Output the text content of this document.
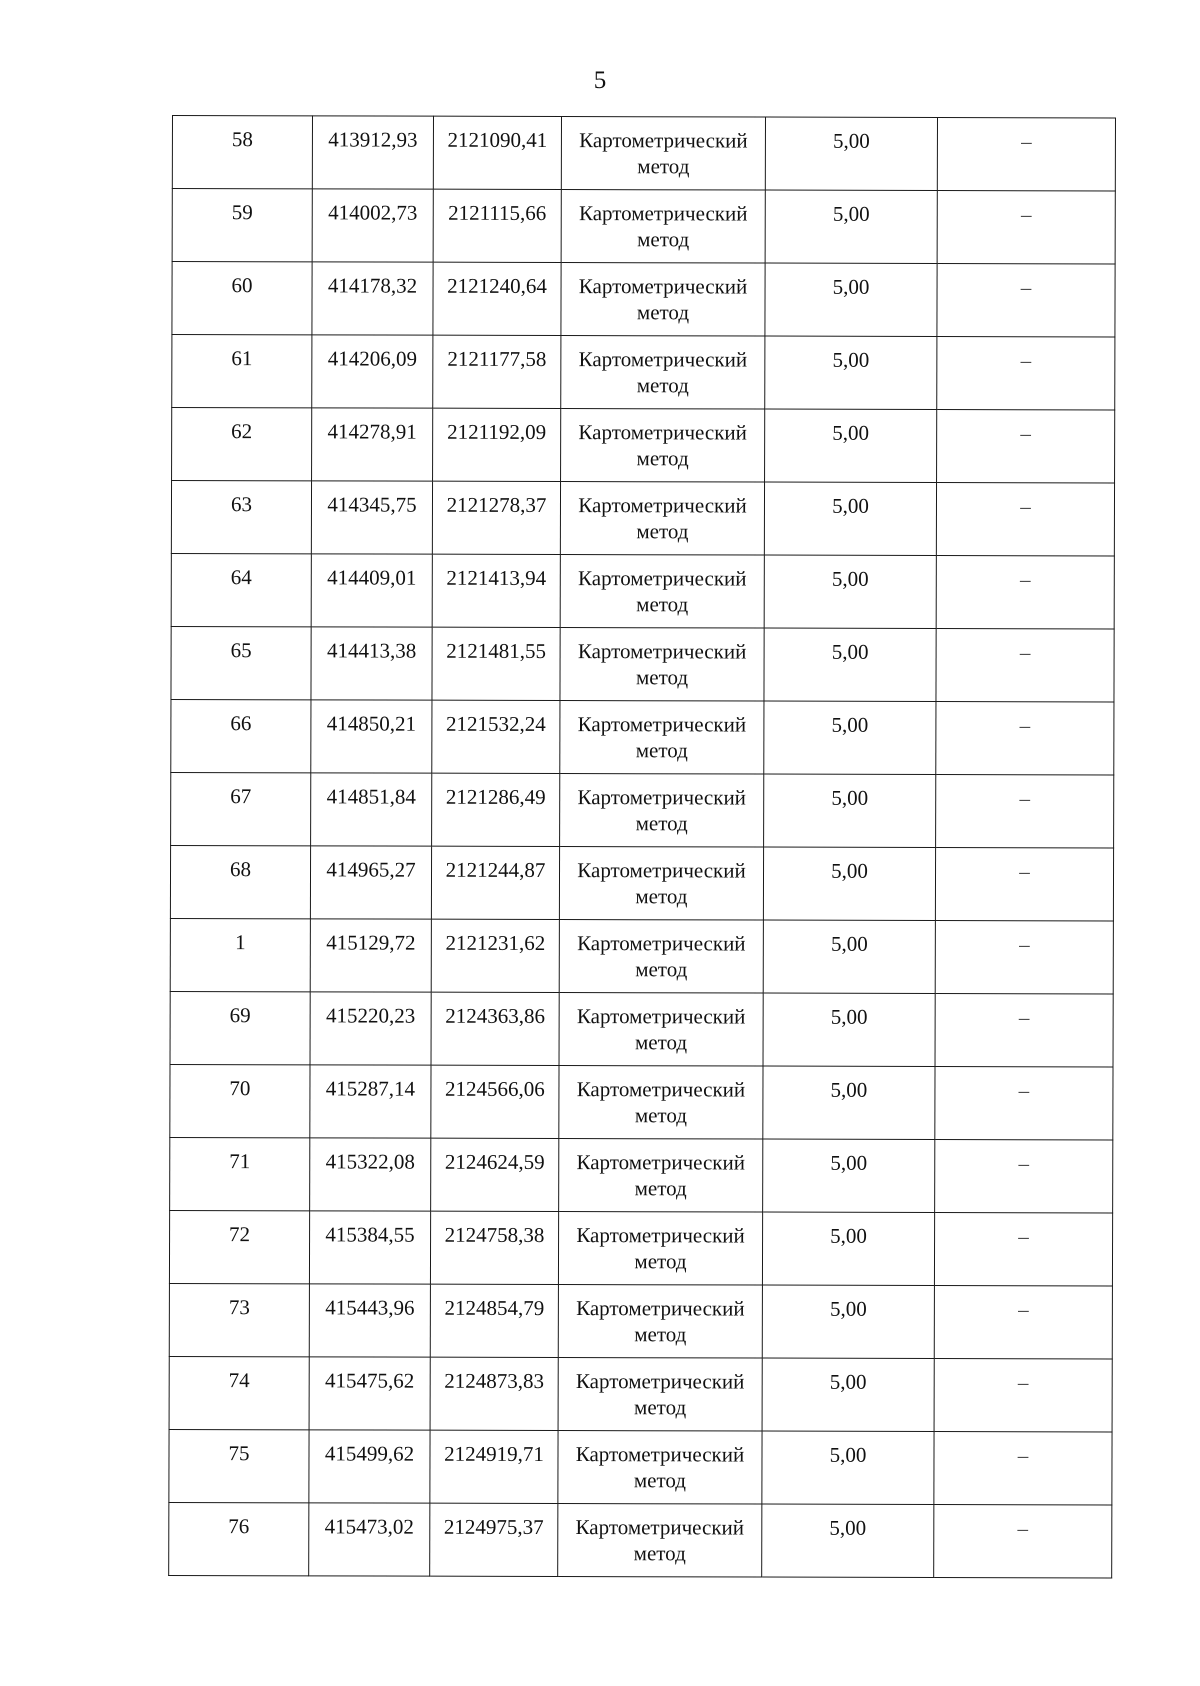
5
58	413912,93	2121090,41	Картометрический метод	5,00	–
59	414002,73	2121115,66	Картометрический метод	5,00	–
60	414178,32	2121240,64	Картометрический метод	5,00	–
61	414206,09	2121177,58	Картометрический метод	5,00	–
62	414278,91	2121192,09	Картометрический метод	5,00	–
63	414345,75	2121278,37	Картометрический метод	5,00	–
64	414409,01	2121413,94	Картометрический метод	5,00	–
65	414413,38	2121481,55	Картометрический метод	5,00	–
66	414850,21	2121532,24	Картометрический метод	5,00	–
67	414851,84	2121286,49	Картометрический метод	5,00	–
68	414965,27	2121244,87	Картометрический метод	5,00	–
1	415129,72	2121231,62	Картометрический метод	5,00	–
69	415220,23	2124363,86	Картометрический метод	5,00	–
70	415287,14	2124566,06	Картометрический метод	5,00	–
71	415322,08	2124624,59	Картометрический метод	5,00	–
72	415384,55	2124758,38	Картометрический метод	5,00	–
73	415443,96	2124854,79	Картометрический метод	5,00	–
74	415475,62	2124873,83	Картометрический метод	5,00	–
75	415499,62	2124919,71	Картометрический метод	5,00	–
76	415473,02	2124975,37	Картометрический метод	5,00	–
